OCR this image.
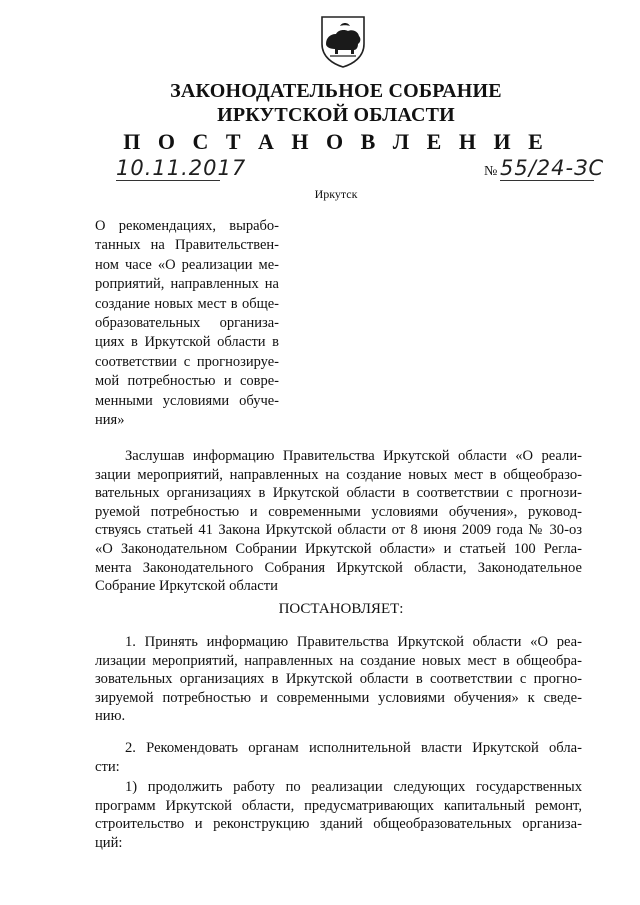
ЗАКОНОДАТЕЛЬНОЕ СОБРАНИЕ
ИРКУТСКОЙ ОБЛАСТИ
П О С Т А Н О В Л Е Н И Е
10.11.2017	№ 55/24-ЗС
Иркутск
О рекомендациях, вырабо-
танных на Правительствен-
ном часе «О реализации ме-
роприятий, направленных на
создание новых мест в обще-
образовательных организа-
циях в Иркутской области в
соответствии с прогнозируе-
мой потребностью и совре-
менными условиями обуче-
ния»
Заслушав информацию Правительства Иркутской области «О реали-
зации мероприятий, направленных на создание новых мест в общеобразо-
вательных организациях в Иркутской области в соответствии с прогнози-
руемой потребностью и современными условиями обучения», руковод-
ствуясь статьей 41 Закона Иркутской области от 8 июня 2009 года № 30-оз
«О Законодательном Собрании Иркутской области» и статьей 100 Регла-
мента Законодательного Собрания Иркутской области, Законодательное
Собрание Иркутской области
ПОСТАНОВЛЯЕТ:
1. Принять информацию Правительства Иркутской области «О реа-
лизации мероприятий, направленных на создание новых мест в общеобра-
зовательных организациях в Иркутской области в соответствии с прогно-
зируемой потребностью и современными условиями обучения» к сведе-
нию.
2. Рекомендовать органам исполнительной власти Иркутской обла-
сти:
1) продолжить работу по реализации следующих государственных
программ Иркутской области, предусматривающих капитальный ремонт,
строительство и реконструкцию зданий общеобразовательных организа-
ций:
